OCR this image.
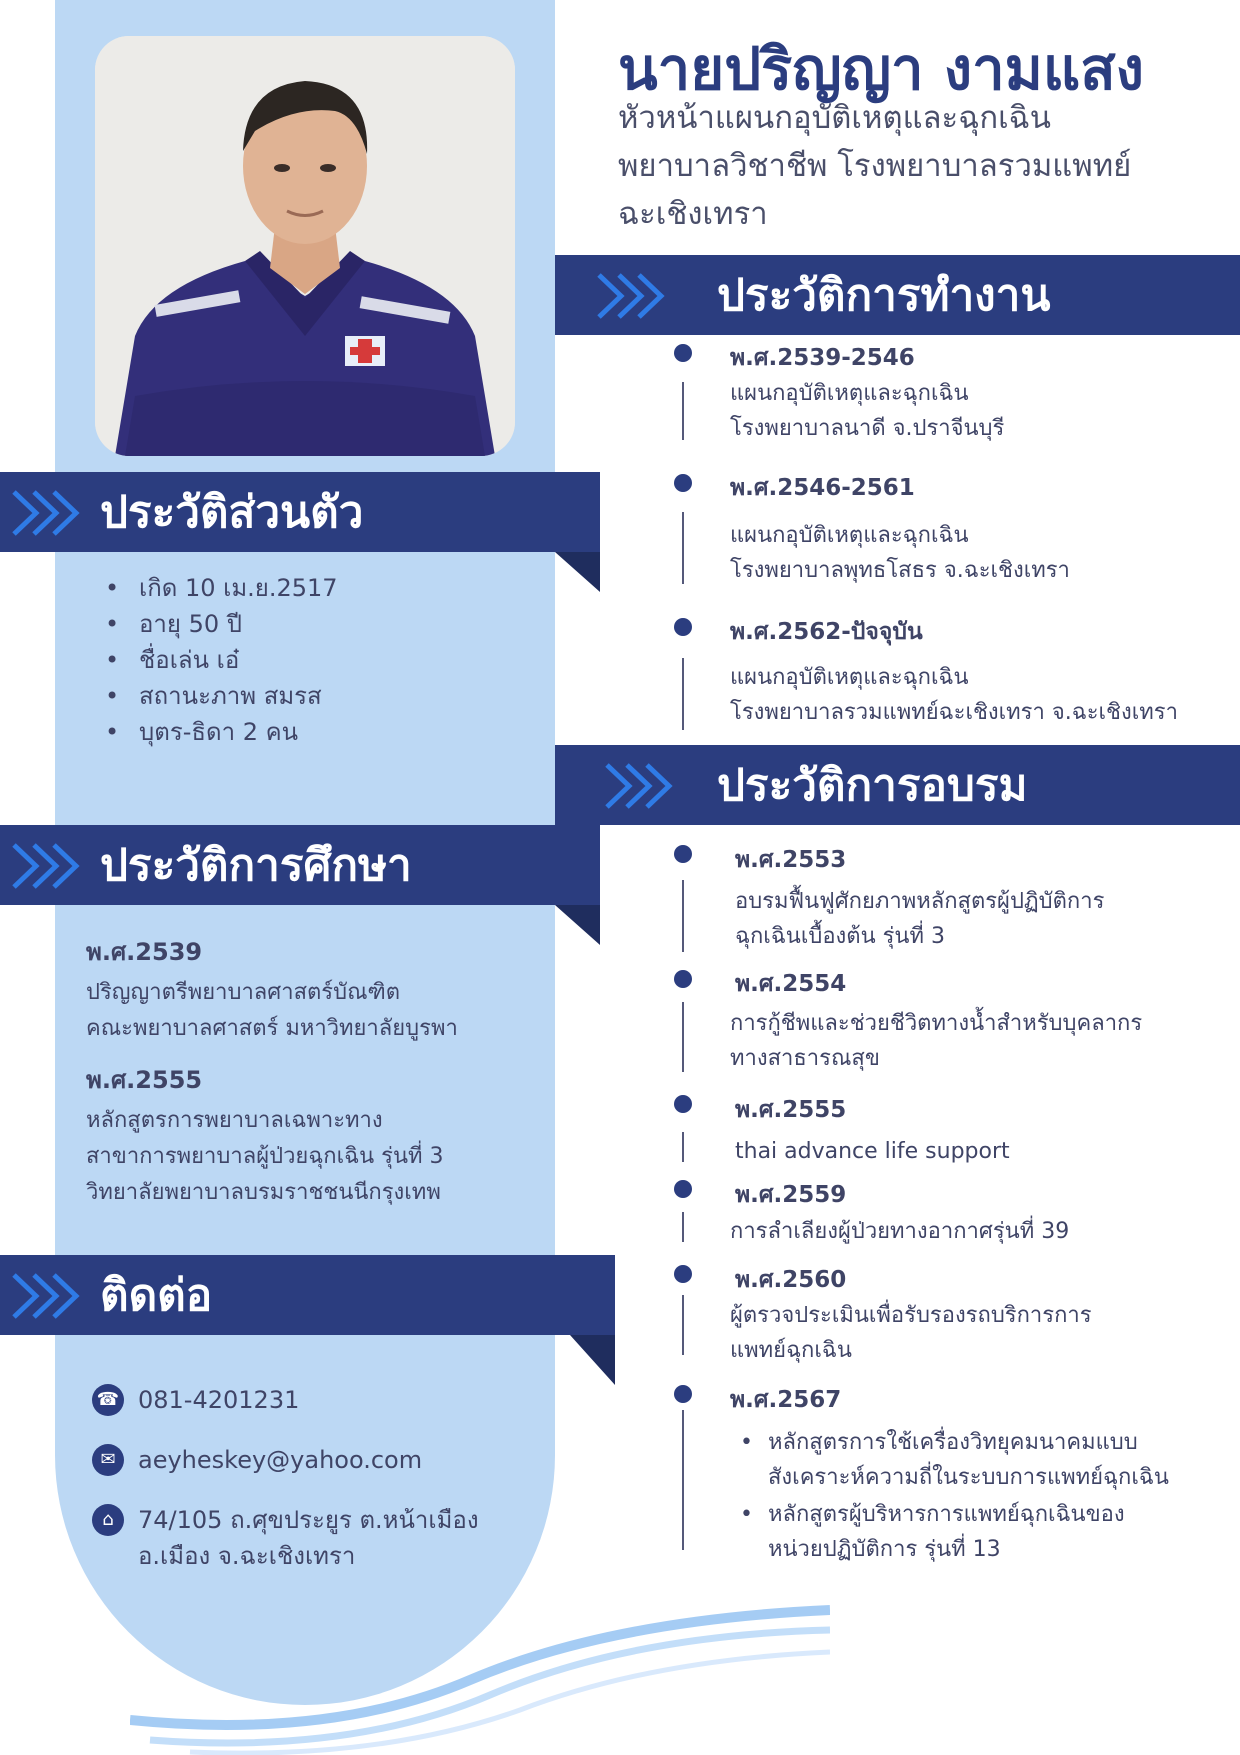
นายปริญญา งามแสง
หัวหน้าแผนกอุบัติเหตุและฉุกเฉิน
พยาบาลวิชาชีพ โรงพยาบาลรวมแพทย์
ฉะเชิงเทรา
ประวัติการทำงาน
ประวัติการอบรม
ประวัติส่วนตัว
• เกิด 10 เม.ย.2517
• อายุ 50 ปี
• ชื่อเล่น เอ๋
• สถานะภาพ สมรส
• บุตร-ธิดา 2 คน
ประวัติการศึกษา
พ.ศ.2539
ปริญญาตรีพยาบาลศาสตร์บัณฑิต
คณะพยาบาลศาสตร์ มหาวิทยาลัยบูรพา
พ.ศ.2555
หลักสูตรการพยาบาลเฉพาะทาง
สาขาการพยาบาลผู้ป่วยฉุกเฉิน รุ่นที่ 3
วิทยาลัยพยาบาลบรมราชชนนีกรุงเทพ
ติดต่อ
☎ 081-4201231
✉ aeyheskey@yahoo.com
⌂	74/105 ถ.ศุขประยูร ต.หน้าเมือง
อ.เมือง จ.ฉะเชิงเทรา
พ.ศ.2539-2546
แผนกอุบัติเหตุและฉุกเฉิน
โรงพยาบาลนาดี จ.ปราจีนบุรี
พ.ศ.2546-2561
แผนกอุบัติเหตุและฉุกเฉิน
โรงพยาบาลพุทธโสธร จ.ฉะเชิงเทรา
พ.ศ.2562-ปัจจุบัน
แผนกอุบัติเหตุและฉุกเฉิน
โรงพยาบาลรวมแพทย์ฉะเชิงเทรา จ.ฉะเชิงเทรา
พ.ศ.2553
อบรมฟื้นฟูศักยภาพหลักสูตรผู้ปฏิบัติการ
ฉุกเฉินเบื้องต้น รุ่นที่ 3
พ.ศ.2554
การกู้ชีพและช่วยชีวิตทางน้ำสำหรับบุคลากร
ทางสาธารณสุข
พ.ศ.2555
thai advance life support
พ.ศ.2559
การลำเลียงผู้ป่วยทางอากาศรุ่นที่ 39
พ.ศ.2560
ผู้ตรวจประเมินเพื่อรับรองรถบริการการ
แพทย์ฉุกเฉิน
พ.ศ.2567
• หลักสูตรการใช้เครื่องวิทยุคมนาคมแบบ
สังเคราะห์ความถี่ในระบบการแพทย์ฉุกเฉิน
• หลักสูตรผู้บริหารการแพทย์ฉุกเฉินของ
หน่วยปฏิบัติการ รุ่นที่ 13
